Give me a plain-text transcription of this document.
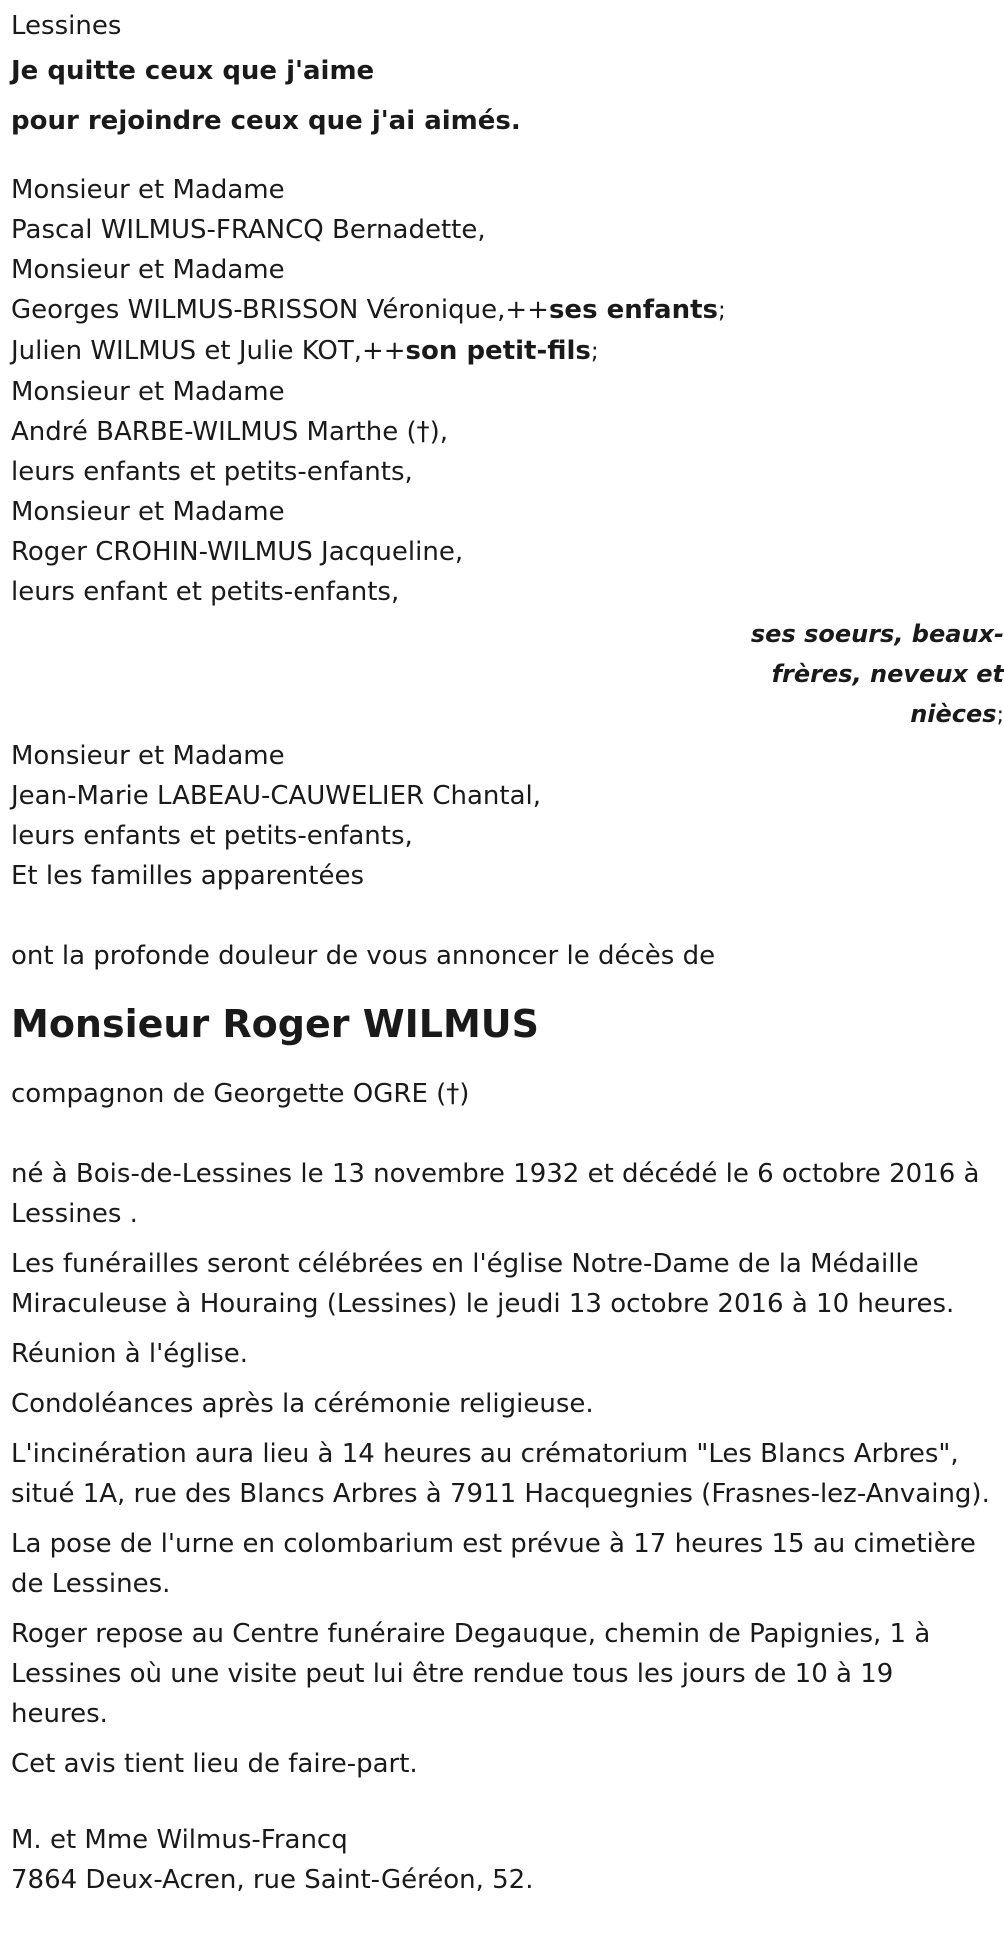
Lessines
Je quitte ceux que j'aime
pour rejoindre ceux que j'ai aimés.
Monsieur et Madame
Pascal WILMUS-FRANCQ Bernadette,
Monsieur et Madame
Georges WILMUS-BRISSON Véronique,++ses enfants;
Julien WILMUS et Julie KOT,++son petit-fils;
Monsieur et Madame
André BARBE-WILMUS Marthe (†),
leurs enfants et petits-enfants,
Monsieur et Madame
Roger CROHIN-WILMUS Jacqueline,
leurs enfant et petits-enfants,
ses soeurs, beaux-
frères, neveux et
nièces;
Monsieur et Madame
Jean-Marie LABEAU-CAUWELIER Chantal,
leurs enfants et petits-enfants,
Et les familles apparentées
ont la profonde douleur de vous annoncer le décès de
Monsieur Roger WILMUS
compagnon de Georgette OGRE (†)

né à Bois-de-Lessines le 13 novembre 1932 et décédé le 6 octobre 2016 à Lessines .

Les funérailles seront célébrées en l'église Notre-Dame de la Médaille Miraculeuse à Houraing (Lessines) le jeudi 13 octobre 2016 à 10 heures.

Réunion à l'église.

Condoléances après la cérémonie religieuse.

L'incinération aura lieu à 14 heures au crématorium "Les Blancs Arbres", situé 1A, rue des Blancs Arbres à 7911 Hacquegnies (Frasnes-lez-Anvaing).

La pose de l'urne en colombarium est prévue à 17 heures 15 au cimetière de Lessines.

Roger repose au Centre funéraire Degauque, chemin de Papignies, 1 à Lessines où une visite peut lui être rendue tous les jours de 10 à 19 heures.

Cet avis tient lieu de faire-part.

M. et Mme Wilmus-Francq
7864 Deux-Acren, rue Saint-Géréon, 52.
